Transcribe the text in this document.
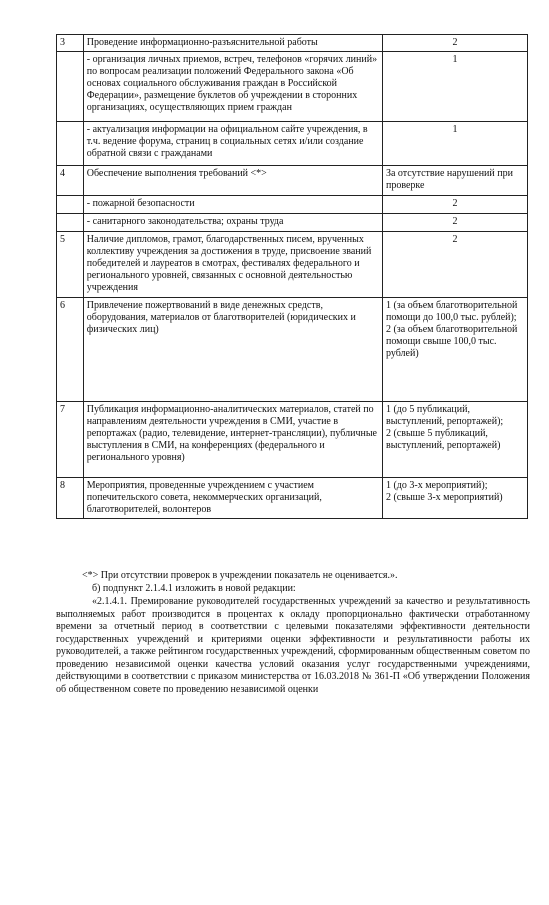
3	Проведение информационно-разъяснительной работы	2
	- организация личных приемов, встреч, телефонов «горячих линий» по вопросам реализации положений Федерального закона «Об основах социального обслуживания граждан в Российской Федерации», размещение буклетов об учреждении в сторонних организациях, осуществляющих прием граждан	1
	- актуализация информации на официальном сайте учреждения, в т.ч. ведение форума, страниц в социальных сетях и/или создание обратной связи с гражданами	1
4	Обеспечение выполнения требований <*>	За отсутствие нарушений при проверке
	- пожарной безопасности	2
	- санитарного законодательства; охраны труда	2
5	Наличие дипломов, грамот, благодарственных писем, врученных коллективу учреждения за достижения в труде, присвоение званий победителей и лауреатов в смотрах, фестивалях федерального и регионального уровней, связанных с основной деятельностью учреждения	2
6	Привлечение пожертвований в виде денежных средств, оборудования, материалов от благотворителей (юридических и физических лиц)	1 (за объем благотворительной помощи до 100,0 тыс. рублей);
2 (за объем благотворительной помощи свыше 100,0 тыс. рублей)
7	Публикация информационно-аналитических материалов, статей по направлениям деятельности учреждения в СМИ, участие в репортажах (радио, телевидение, интернет-трансляции), публичные выступления в СМИ, на конференциях (федерального и регионального уровня)	1 (до 5 публикаций, выступлений, репортажей);
2 (свыше 5 публикаций, выступлений, репортажей)
8	Мероприятия, проведенные учреждением с участием попечительского совета, некоммерческих организаций, благотворителей, волонтеров	1 (до 3-х мероприятий);
2 (свыше 3-х мероприятий)

<*> При отсутствии проверок в учреждении показатель не оценивается.».

б) подпункт 2.1.4.1 изложить в новой редакции:

«2.1.4.1. Премирование руководителей государственных учреждений за качество и результативность выполняемых работ производится в процентах к окладу пропорционально фактически отработанному времени за отчетный период в соответствии с целевыми показателями эффективности деятельности государственных учреждений и критериями оценки эффективности и результативности работы их руководителей, а также рейтингом государственных учреждений, сформированным общественным советом по проведению независимой оценки качества условий оказания услуг государственными учреждениями, действующими в соответствии с приказом министерства от 16.03.2018 № 361-П «Об утверждении Положения об общественном совете по проведению независимой оценки
